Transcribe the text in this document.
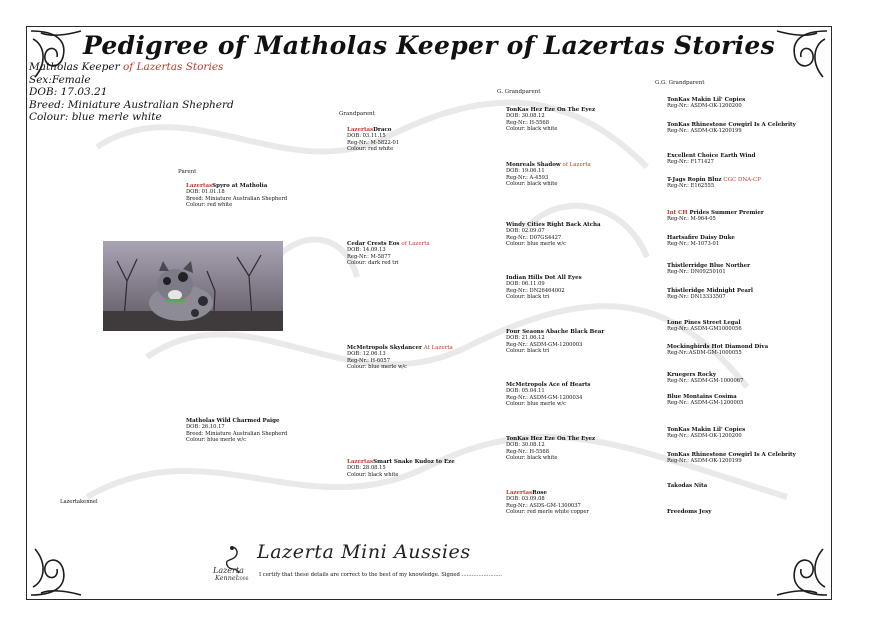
Pedigree of Matholas Keeper of Lazertas Stories
Matholas Keeper of Lazertas Stories
Sex:Female
DOB: 17.03.21
Breed: Miniature Australian Shepherd
Colour: blue merle white
Parent
Grandparent
G. Grandparent
G.G. Grandparent
Lazertakennel
Lazerta
Kennel 2006
Lazerta Mini Aussies
I certify that these details are correct to the best of my knowledge. Signed ........................
LazertasSpyro at Matholia
DOB: 01.01.18
Breed: Miniature Australian Shepherd
Colour: red white
Matholas Wild Charmed Paige
DOB: 26.10.17
Breed: Miniature Australian Shepherd
Colour: blue merle w/c
LazertasDraco
DOB: 03.11.15
Reg-Nr.: M-5822-01
Colour: red white
Cedar Crests Eos of Lazerta
DOB: 14.09.13
Reg-Nr.: M-5877
Colour: dark red tri
McMetropols Skydancer At Lazerta
DOB: 12.06.13
Reg-Nr.: H-6057
Colour: blue merle w/c
LazertasSmart Snake Kudoz to Eze
DOB: 28.08.15
Colour: black white
TonKas Hez Eze On The Eyez
DOB: 30.08.12
Reg-Nr.: H-5568
Colour: black white
Monreals Shadow of Lazerta
DOB: 19.06.11
Reg-Nr.: A-4593
Colour: black white
Windy Cities Right Back Atcha
DOB: 02.09.07
Reg-Nr.: D07GS4427
Colour: blue merle w/c
Indian Hills Dot All Eyes
DOB: 06.11.09
Reg-Nr.: DN26464002
Colour: black tri
Four Seaons Abache Black Bear
DOB: 21.06.12
Reg-Nr.: ASDM-GM-1200003
Colour: black tri
McMetropols Ace of Hearts
DOB: 05.04.11
Reg-Nr.: ASDM-GM-1200034
Colour: blue merle w/c
TonKas Hez Eze On The Eyez
DOB: 30.08.12
Reg-Nr.: H-5568
Colour: black white
LazertasRose
DOB: 03.09.08
Reg-Nr.: ASDS-GM-1300037
Colour: red merle white copper
TonKas Makin Lil' Copies
Reg-Nr.: ASDM-OK-1200200
TonKas Rhinestone Cowgirl Is A Celebrity
Reg-Nr.: ASDM-OK-1200199
Excellent Choice Earth Wind
Reg-Nr.: F171427
T-Jags Ropin Bluz CGC DNA-CP
Reg-Nr.: E162555
Int CH Prides Summer Premier
Reg-Nr.: M-964-05
Hartsafire Daisy Duke
Reg-Nr.: M-1073-01
Thistlerridge Blue Norther
Reg-Nr.: DN09250101
Thistleridge Midnight Pearl
Reg-Nr.: DN13333507
Lone Pines Street Legal
Reg-Nr.: ASDM-GM1000056
Mockingbirds Hot Diamond Diva
Reg-Nr.:ASDM-GM-1000055
Kruegers Rocky
Reg-Nr.: ASDM-GM-1000067
Blue Montains Cosima
Reg-Nr.: ASDM-GM-1200005
TonKas Makin Lil' Copies
Reg-Nr.: ASDM-OK-1200200
TonKas Rhinestone Cowgirl Is A Celebrity
Reg-Nr.: ASDM-OK-1200199
Takodas Nita
Freedoms Jesy
